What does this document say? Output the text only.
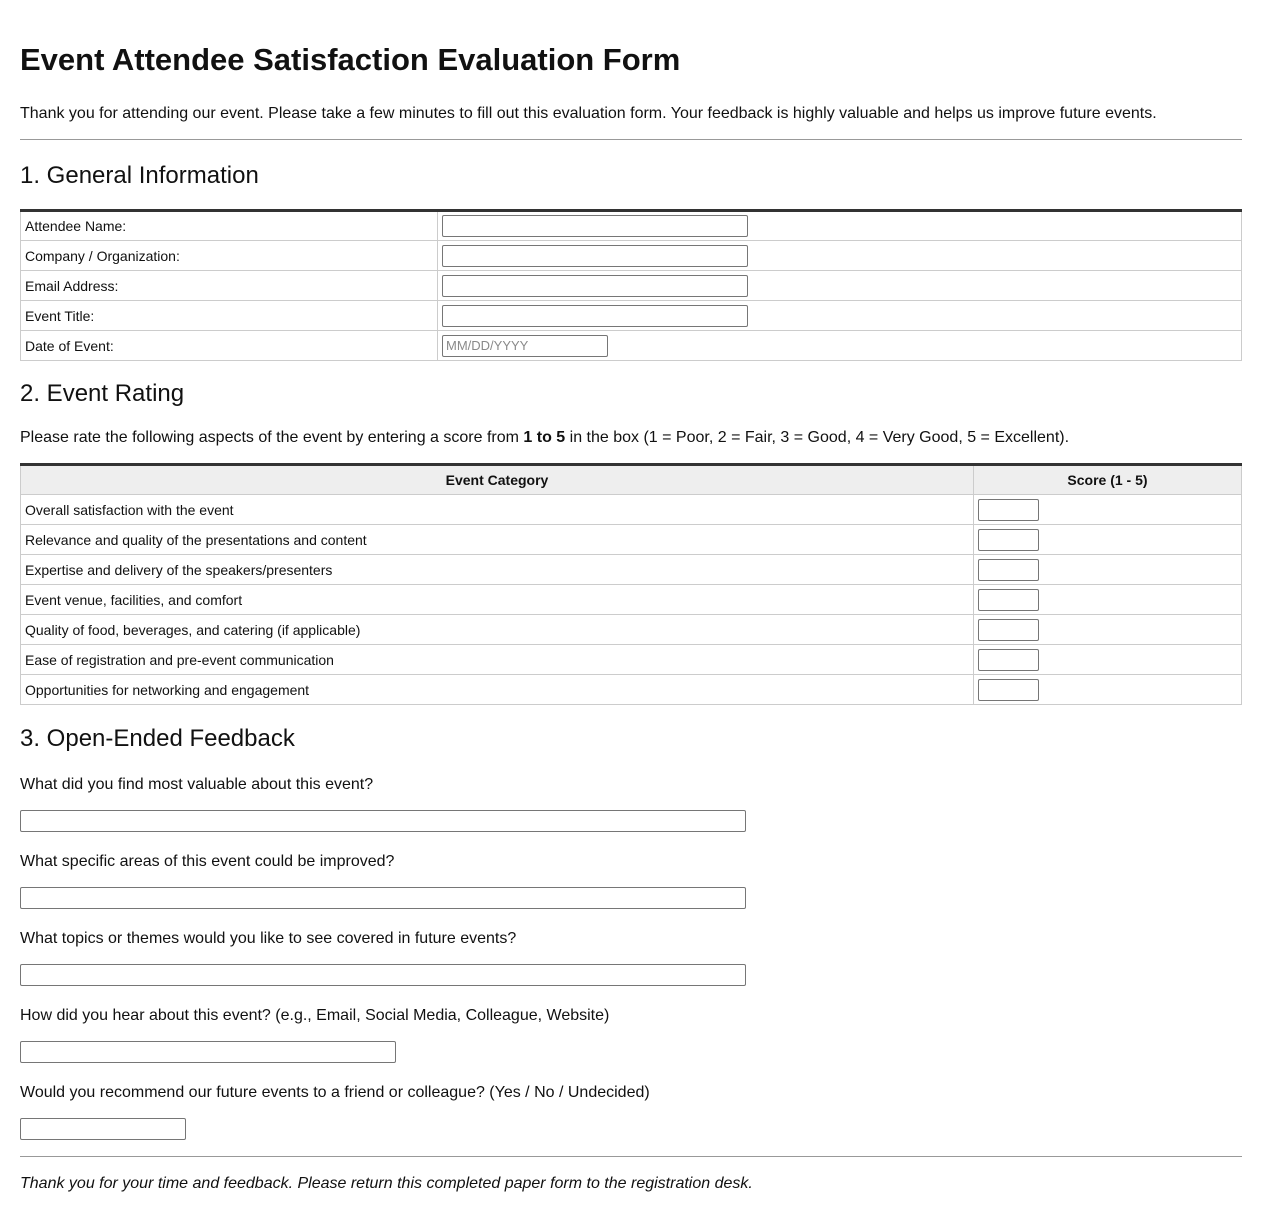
Event Attendee Satisfaction Evaluation Form

Thank you for attending our event. Please take a few minutes to fill out this evaluation form. Your feedback is highly valuable and helps us improve future events.

1. General Information
Attendee Name:	
Company / Organization:	
Email Address:	
Event Title:	
Date of Event:	MM/DD/YYYY
2. Event Rating

Please rate the following aspects of the event by entering a score from 1 to 5 in the box (1 = Poor, 2 = Fair, 3 = Good, 4 = Very Good, 5 = Excellent).

Event Category	Score (1 - 5)
Overall satisfaction with the event	
Relevance and quality of the presentations and content	
Expertise and delivery of the speakers/presenters	
Event venue, facilities, and comfort	
Quality of food, beverages, and catering (if applicable)	
Ease of registration and pre-event communication	
Opportunities for networking and engagement	
3. Open-Ended Feedback

What did you find most valuable about this event?

What specific areas of this event could be improved?

What topics or themes would you like to see covered in future events?

How did you hear about this event? (e.g., Email, Social Media, Colleague, Website)

Would you recommend our future events to a friend or colleague? (Yes / No / Undecided)

Thank you for your time and feedback. Please return this completed paper form to the registration desk.
